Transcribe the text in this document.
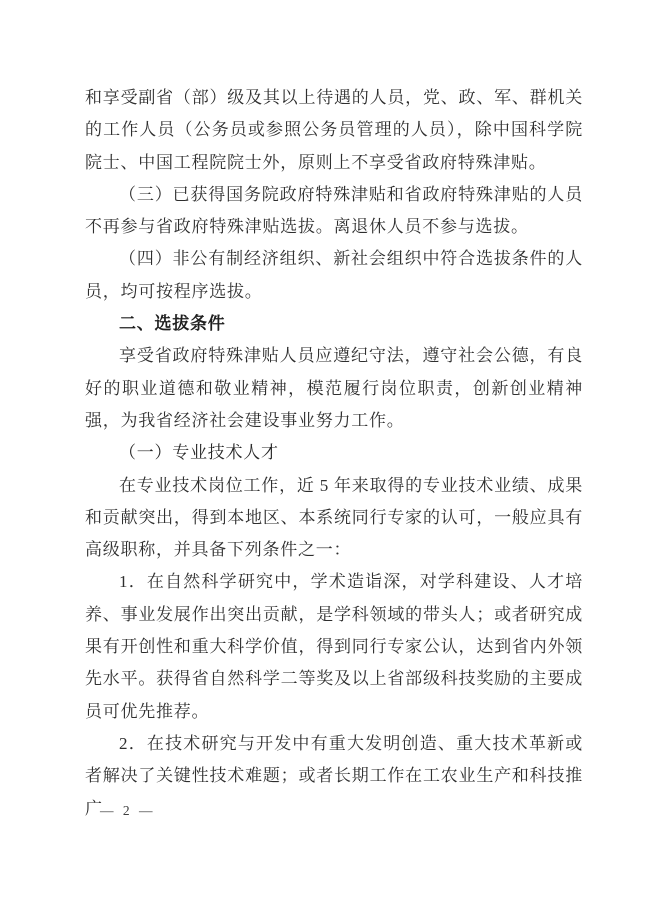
和享受副省（部）级及其以上待遇的人员，党、政、军、群机关的工作人员（公务员或参照公务员管理的人员），除中国科学院院士、中国工程院院士外，原则上不享受省政府特殊津贴。

（三）已获得国务院政府特殊津贴和省政府特殊津贴的人员不再参与省政府特殊津贴选拔。离退休人员不参与选拔。

（四）非公有制经济组织、新社会组织中符合选拔条件的人员，均可按程序选拔。

二、选拔条件

享受省政府特殊津贴人员应遵纪守法，遵守社会公德，有良好的职业道德和敬业精神，模范履行岗位职责，创新创业精神强，为我省经济社会建设事业努力工作。

（一）专业技术人才

在专业技术岗位工作，近 5 年来取得的专业技术业绩、成果和贡献突出，得到本地区、本系统同行专家的认可，一般应具有高级职称，并具备下列条件之一：

1．在自然科学研究中，学术造诣深，对学科建设、人才培养、事业发展作出突出贡献，是学科领域的带头人；或者研究成果有开创性和重大科学价值，得到同行专家公认，达到省内外领先水平。获得省自然科学二等奖及以上省部级科技奖励的主要成员可优先推荐。

2．在技术研究与开发中有重大发明创造、重大技术革新或者解决了关键性技术难题；或者长期工作在工农业生产和科技推广

— 2 —
